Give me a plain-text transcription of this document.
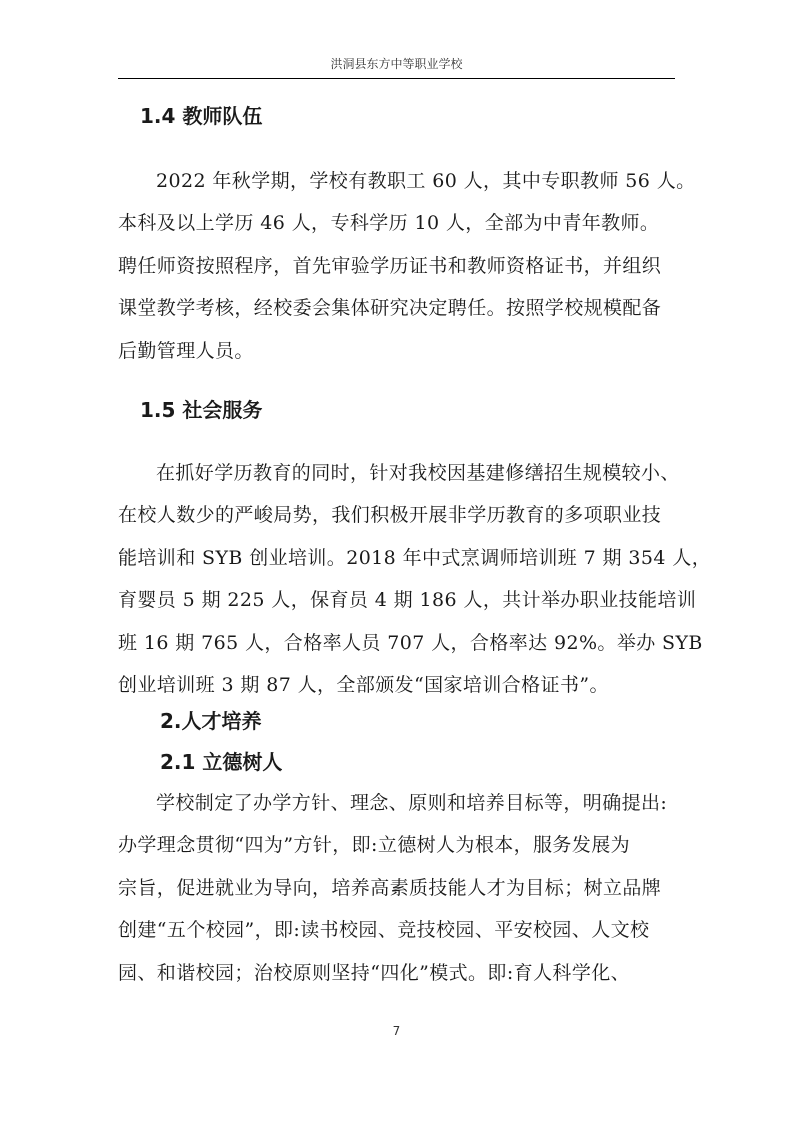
洪洞县东方中等职业学校
1.4 教师队伍
2022 年秋学期，学校有教职工 60 人，其中专职教师 56 人。
本科及以上学历 46 人，专科学历 10 人，全部为中青年教师。
聘任师资按照程序，首先审验学历证书和教师资格证书，并组织
课堂教学考核，经校委会集体研究决定聘任。按照学校规模配备
后勤管理人员。
1.5 社会服务
在抓好学历教育的同时，针对我校因基建修缮招生规模较小、
在校人数少的严峻局势，我们积极开展非学历教育的多项职业技
能培训和 SYB 创业培训。2018 年中式烹调师培训班 7 期 354 人，
育婴员 5 期 225 人，保育员 4 期 186 人，共计举办职业技能培训
班 16 期 765 人，合格率人员 707 人，合格率达 92%。举办 SYB
创业培训班 3 期 87 人，全部颁发“国家培训合格证书”。
2.人才培养
2.1 立德树人
学校制定了办学方针、理念、原则和培养目标等，明确提出:
办学理念贯彻“四为”方针，即:立德树人为根本，服务发展为
宗旨，促进就业为导向，培养高素质技能人才为目标；树立品牌
创建“五个校园”，即:读书校园、竞技校园、平安校园、人文校
园、和谐校园；治校原则坚持“四化”模式。即:育人科学化、
7
